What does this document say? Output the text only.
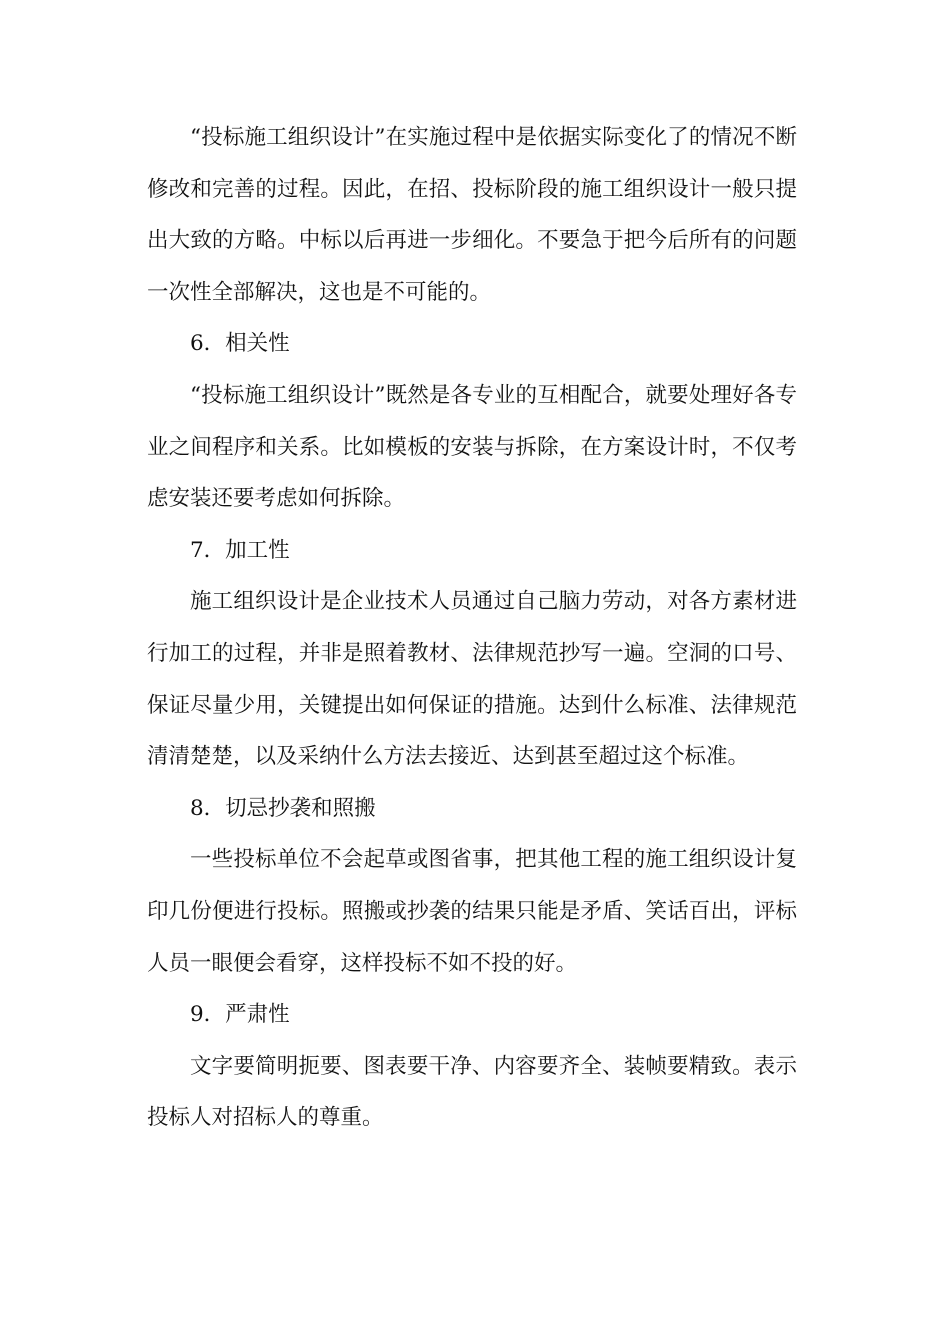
“投标施工组织设计”在实施过程中是依据实际变化了的情况不断修改和完善的过程。因此，在招、投标阶段的施工组织设计一般只提出大致的方略。中标以后再进一步细化。不要急于把今后所有的问题一次性全部解决，这也是不可能的。

6．相关性

“投标施工组织设计”既然是各专业的互相配合，就要处理好各专业之间程序和关系。比如模板的安装与拆除，在方案设计时，不仅考虑安装还要考虑如何拆除。

7．加工性

施工组织设计是企业技术人员通过自己脑力劳动，对各方素材进行加工的过程，并非是照着教材、法律规范抄写一遍。空洞的口号、保证尽量少用，关键提出如何保证的措施。达到什么标准、法律规范清清楚楚，以及采纳什么方法去接近、达到甚至超过这个标准。

8．切忌抄袭和照搬

一些投标单位不会起草或图省事，把其他工程的施工组织设计复印几份便进行投标。照搬或抄袭的结果只能是矛盾、笑话百出，评标人员一眼便会看穿，这样投标不如不投的好。

9．严肃性

文字要简明扼要、图表要干净、内容要齐全、装帧要精致。表示投标人对招标人的尊重。
